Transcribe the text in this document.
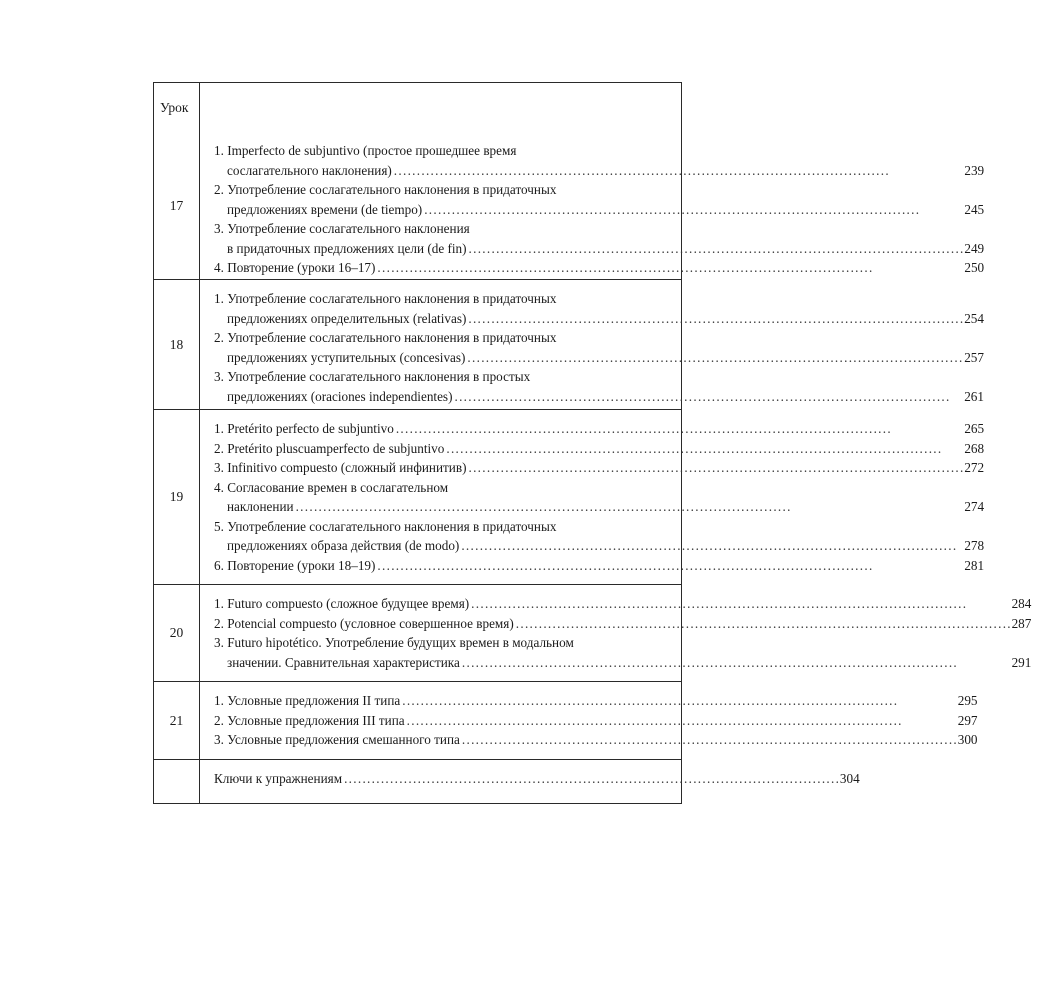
Урок
17
1. Imperfecto de subjuntivo (простое прошедшее время
сослагательного наклонения) . . .	239
2. Употребление сослагательного наклонения в придаточных
предложениях времени (de tiempo) . . .	245
3. Употребление сослагательного наклонения
в придаточных предложениях цели (de fin) . . .	249
4. Повторение (уроки 16–17) . . .	250
18
1. Употребление сослагательного наклонения в придаточных
предложениях определительных (relativas) . . .	254
2. Употребление сослагательного наклонения в придаточных
предложениях уступительных (concesivas) . . .	257
3. Употребление сослагательного наклонения в простых
предложениях (oraciones independientes) . . .	261
19
1. Pretérito perfecto de subjuntivo . . .	265
2. Pretérito pluscuamperfecto de subjuntivo . . .	268
3. Infinitivo compuesto (сложный инфинитив) . . .	272
4. Согласование времен в сослагательном
наклонении . . .	274
5. Употребление сослагательного наклонения в придаточных
предложениях образа действия (de modo) . . .	278
6. Повторение (уроки 18–19) . . .	281
20
1. Futuro compuesto (сложное будущее время) . . .	284
2. Potencial compuesto (условное совершенное время) . . .	287
3. Futuro hipotético. Употребление будущих времен в модальном
значении. Сравнительная характеристика . . .	291
21
1. Условные предложения II типа . . .	295
2. Условные предложения III типа . . .	297
3. Условные предложения смешанного типа . . .	300
Ключи к упражнениям . . .	304
